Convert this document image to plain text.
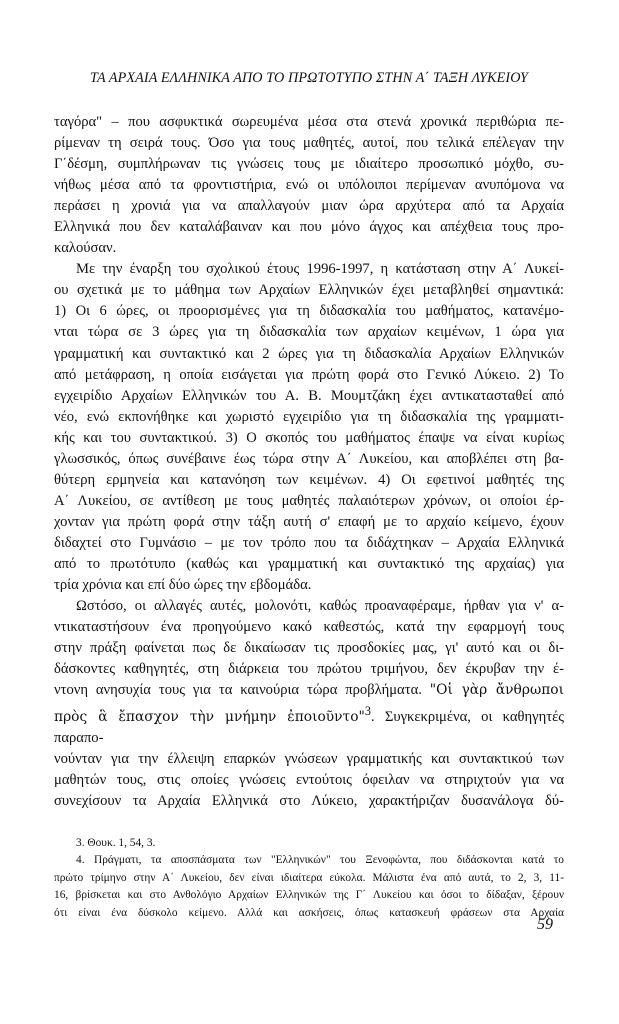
ΤΑ ΑΡΧΑΙΑ ΕΛΛΗΝΙΚΑ ΑΠΟ ΤΟ ΠΡΩΤΟΤΥΠΟ ΣΤΗΝ Α΄ ΤΑΞΗ ΛΥΚΕΙΟΥ

ταγόρα" – που ασφυκτικά σωρευμένα μέσα στα στενά χρονικά περιθώρια πε-

ρίμεναν τη σειρά τους. Όσο για τους μαθητές, αυτοί, που τελικά επέλεγαν την

Γ΄δέσμη, συμπλήρωναν τις γνώσεις τους με ιδιαίτερο προσωπικό μόχθο, συ-

νήθως μέσα από τα φροντιστήρια, ενώ οι υπόλοιποι περίμεναν ανυπόμονα να

περάσει η χρονιά για να απαλλαγούν μιαν ώρα αρχύτερα από τα Αρχαία

Ελληνικά που δεν καταλάβαιναν και που μόνο άγχος και απέχθεια τους προ-

καλούσαν.

Με την έναρξη του σχολικού έτους 1996-1997, η κατάσταση στην Α΄ Λυκεί-

ου σχετικά με το μάθημα των Αρχαίων Ελληνικών έχει μεταβληθεί σημαντικά:

1) Οι 6 ώρες, οι προορισμένες για τη διδασκαλία του μαθήματος, κατανέμο-

νται τώρα σε 3 ώρες για τη διδασκαλία των αρχαίων κειμένων, 1 ώρα για

γραμματική και συντακτικό και 2 ώρες για τη διδασκαλία Αρχαίων Ελληνικών

από μετάφραση, η οποία εισάγεται για πρώτη φορά στο Γενικό Λύκειο. 2) Το

εγχειρίδιο Αρχαίων Ελληνικών του Α. Β. Μουμτζάκη έχει αντικατασταθεί από

νέο, ενώ εκπονήθηκε και χωριστό εγχειρίδιο για τη διδασκαλία της γραμματι-

κής και του συντακτικού. 3) Ο σκοπός του μαθήματος έπαψε να είναι κυρίως

γλωσσικός, όπως συνέβαινε έως τώρα στην Α΄ Λυκείου, και αποβλέπει στη βα-

θύτερη ερμηνεία και κατανόηση των κειμένων. 4) Οι εφετινοί μαθητές της

Α΄ Λυκείου, σε αντίθεση με τους μαθητές παλαιότερων χρόνων, οι οποίοι έρ-

χονταν για πρώτη φορά στην τάξη αυτή σ' επαφή με το αρχαίο κείμενο, έχουν

διδαχτεί στο Γυμνάσιο – με τον τρόπο που τα διδάχτηκαν – Αρχαία Ελληνικά

από το πρωτότυπο (καθώς και γραμματική και συντακτικό της αρχαίας) για

τρία χρόνια και επί δύο ώρες την εβδομάδα.

Ωστόσο, οι αλλαγές αυτές, μολονότι, καθώς προαναφέραμε, ήρθαν για ν' α-

ντικαταστήσουν ένα προηγούμενο κακό καθεστώς, κατά την εφαρμογή τους

στην πράξη φαίνεται πως δε δικαίωσαν τις προσδοκίες μας, γι' αυτό και οι δι-

δάσκοντες καθηγητές, στη διάρκεια του πρώτου τριμήνου, δεν έκρυβαν την έ-

ντονη ανησυχία τους για τα καινούρια τώρα προβλήματα. "Οἱ γὰρ ἄνθρωποι

πρὸς ἃ ἔπασχον τὴν μνήμην ἐποιοῦντο"$^3$. Συγκεκριμένα, οι καθηγητές παραπο-

νούνταν για την έλλειψη επαρκών γνώσεων γραμματικής και συντακτικού των

μαθητών τους, στις οποίες γνώσεις εντούτοις όφειλαν να στηριχτούν για να

συνεχίσουν τα Αρχαία Ελληνικά στο Λύκειο, χαρακτήριζαν δυσανάλογα δύ-

3. Θουκ. 1, 54, 3.

4. Πράγματι, τα αποσπάσματα των "Ελληνικών" του Ξενοφώντα, που διδάσκονται κατά το

πρώτο τρίμηνο στην Α΄ Λυκείου, δεν είναι ιδιαίτερα εύκολα. Μάλιστα ένα από αυτά, το 2, 3, 11-

16, βρίσκεται και στο Ανθολόγιο Αρχαίων Ελληνικών της Γ΄ Λυκείου και όσοι το δίδαξαν, ξέρουν

ότι είναι ένα δύσκολο κείμενο. Αλλά και ασκήσεις, όπως κατασκευή φράσεων στα Αρχαία

59
